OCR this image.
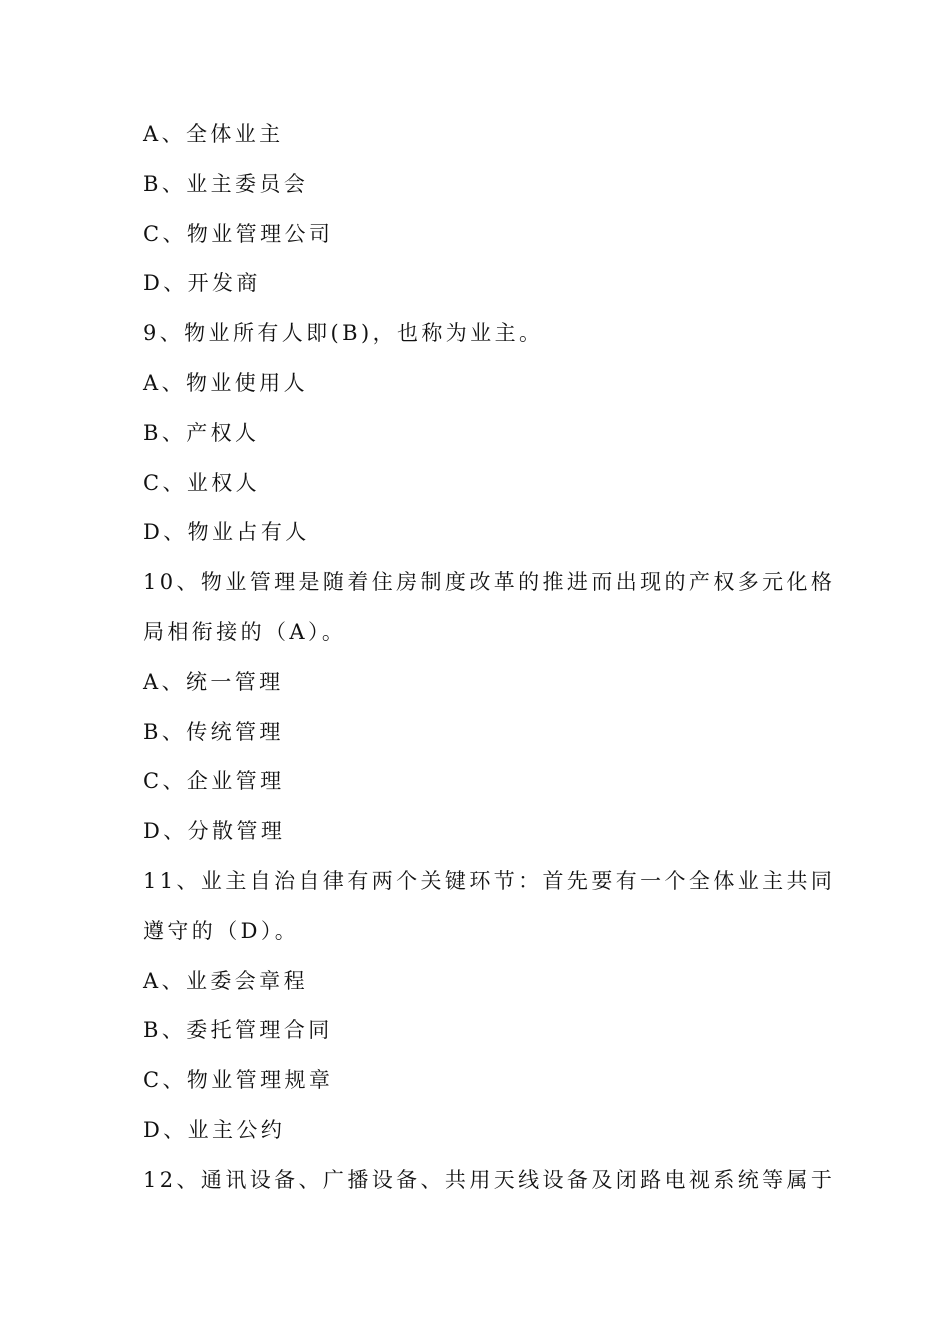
A、全体业主
B、业主委员会
C、物业管理公司
D、开发商
9、物业所有人即(B)，也称为业主。
A、物业使用人
B、产权人
C、业权人
D、物业占有人
10、物业管理是随着住房制度改革的推进而出现的产权多元化格
局相衔接的（A）。
A、统一管理
B、传统管理
C、企业管理
D、分散管理
11、业主自治自律有两个关键环节：首先要有一个全体业主共同
遵守的（D）。
A、业委会章程
B、委托管理合同
C、物业管理规章
D、业主公约
12、通讯设备、广播设备、共用天线设备及闭路电视系统等属于
